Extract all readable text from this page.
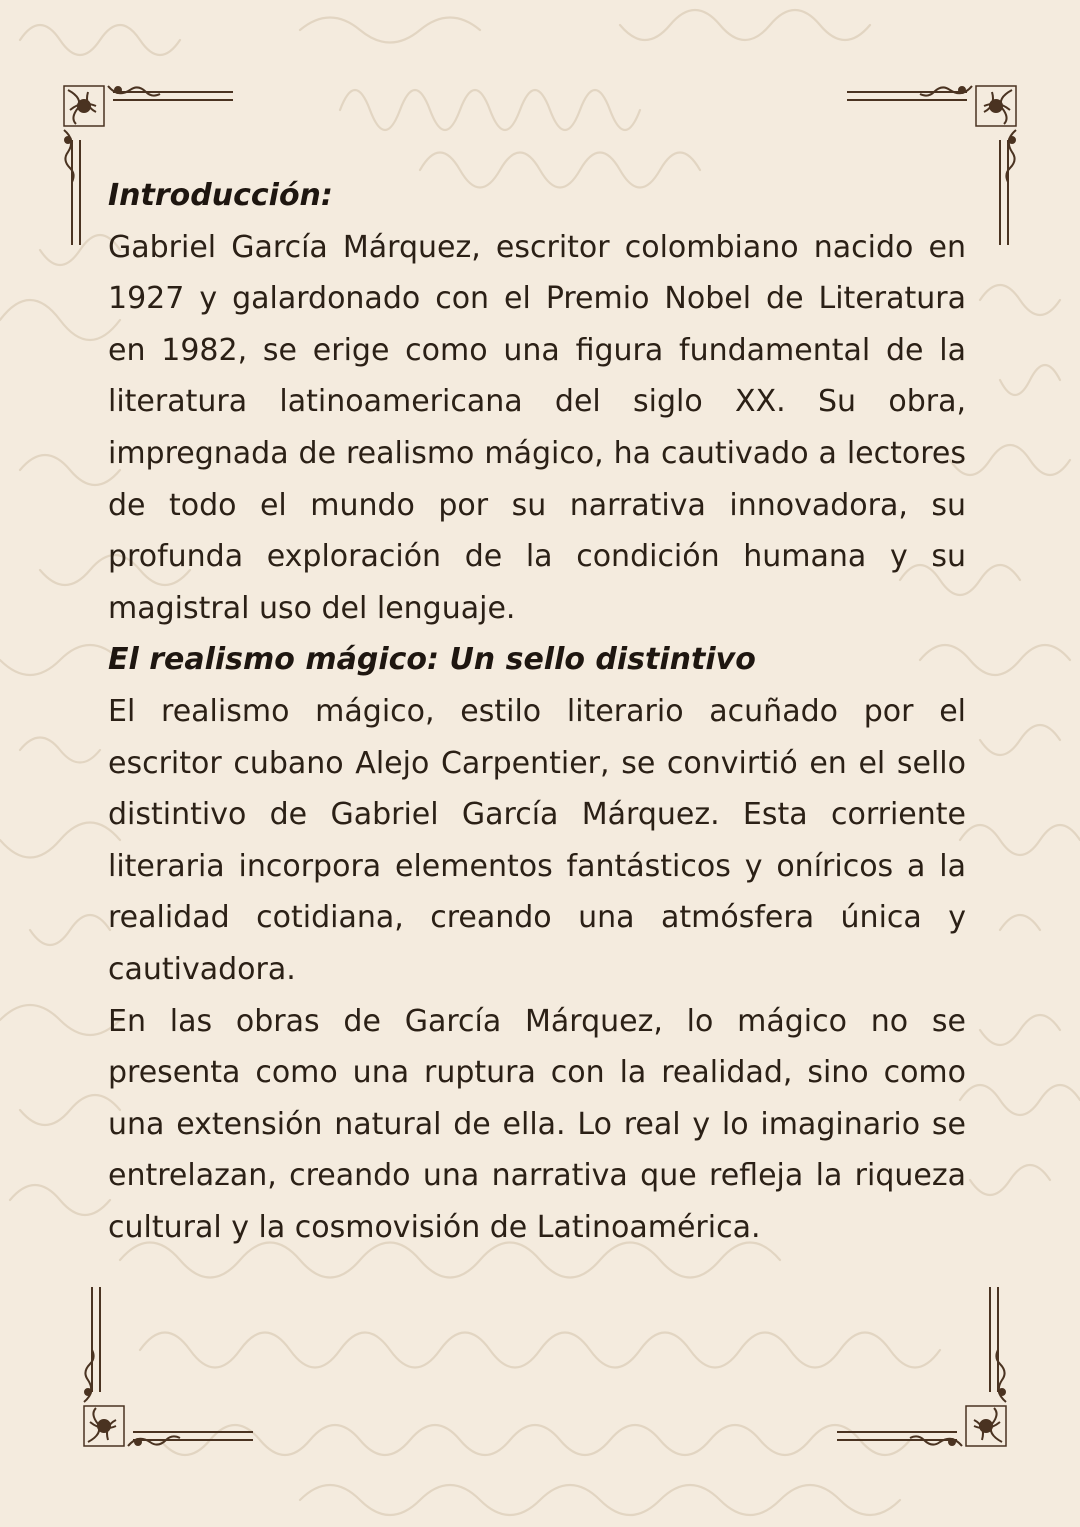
Introducción:

Gabriel García Márquez, escritor colombiano nacido en 1927 y galardonado con el Premio Nobel de Literatura en 1982, se erige como una figura fundamental de la literatura latinoamericana del siglo XX. Su obra, impregnada de realismo mágico, ha cautivado a lectores de todo el mundo por su narrativa innovadora, su profunda exploración de la condición humana y su magistral uso del lenguaje.

El realismo mágico: Un sello distintivo

El realismo mágico, estilo literario acuñado por el escritor cubano Alejo Carpentier, se convirtió en el sello distintivo de Gabriel García Márquez. Esta corriente literaria incorpora elementos fantásticos y oníricos a la realidad cotidiana, creando una atmósfera única y cautivadora.

En las obras de García Márquez, lo mágico no se presenta como una ruptura con la realidad, sino como una extensión natural de ella. Lo real y lo imaginario se entrelazan, creando una narrativa que refleja la riqueza cultural y la cosmovisión de Latinoamérica.
